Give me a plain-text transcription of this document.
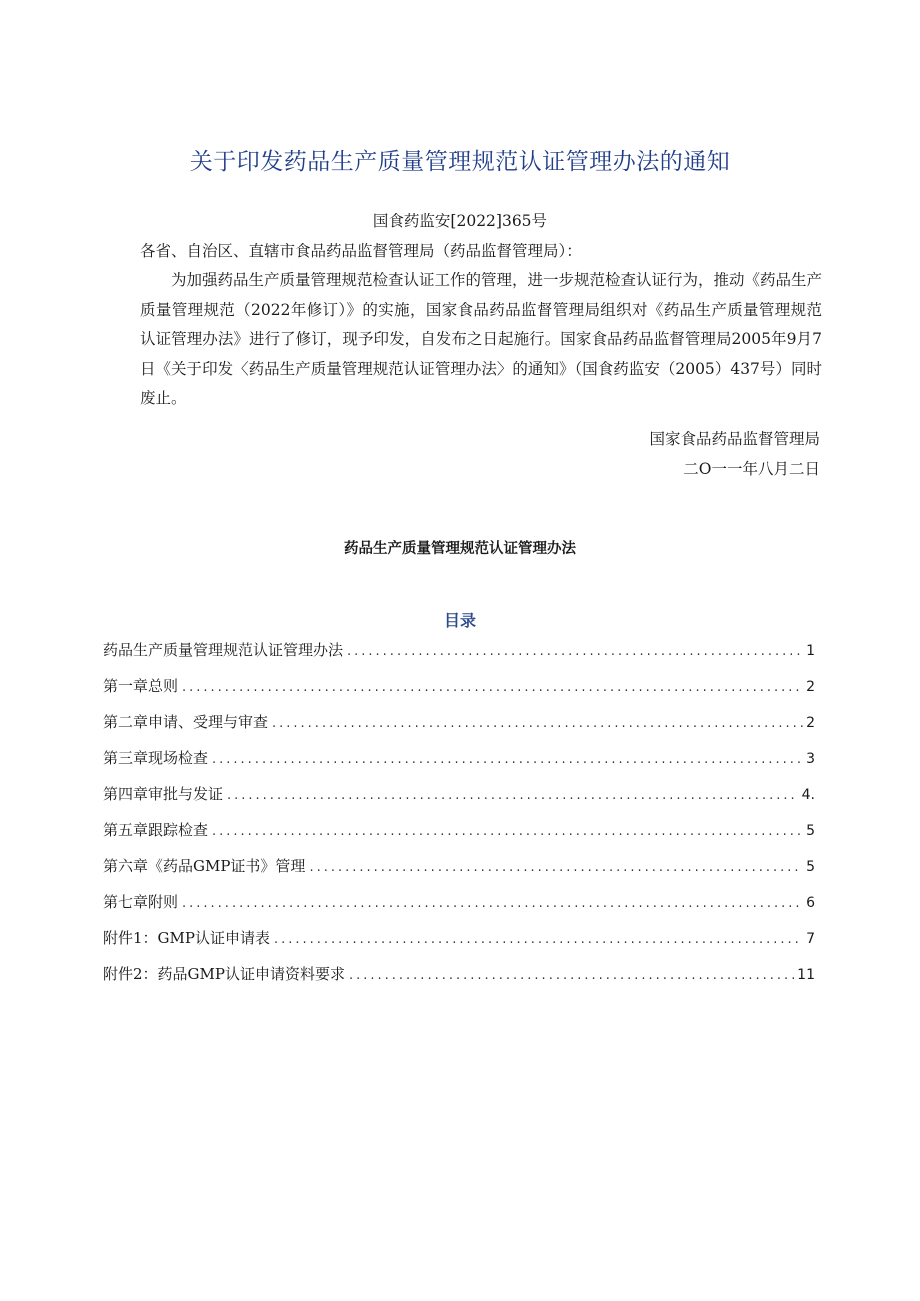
关于印发药品生产质量管理规范认证管理办法的通知
国食药监安[2022]365号
各省、自治区、直辖市食品药品监督管理局（药品监督管理局）：
为加强药品生产质量管理规范检查认证工作的管理，进一步规范检查认证行为，推动《药品生产质量管理规范（2022年修订）》的实施，国家食品药品监督管理局组织对《药品生产质量管理规范认证管理办法》进行了修订，现予印发，自发布之日起施行。国家食品药品监督管理局2005年9月7日《关于印发〈药品生产质量管理规范认证管理办法〉的通知》（国食药监安（2005）437号）同时废止。
国家食品药品监督管理局
二O一一年八月二日
药品生产质量管理规范认证管理办法
目录
药品生产质量管理规范认证管理办法 .....	1
第一章总则 .....	2
第二章申请、受理与审查 .....	2
第三章现场检查 .....	3
第四章审批与发证 .....	4.
第五章跟踪检查 .....	5
第六章《药品GMP证书》管理 .....	5
第七章附则 .....	6
附件1：GMP认证申请表 .....	7
附件2：药品GMP认证申请资料要求 .....	11
